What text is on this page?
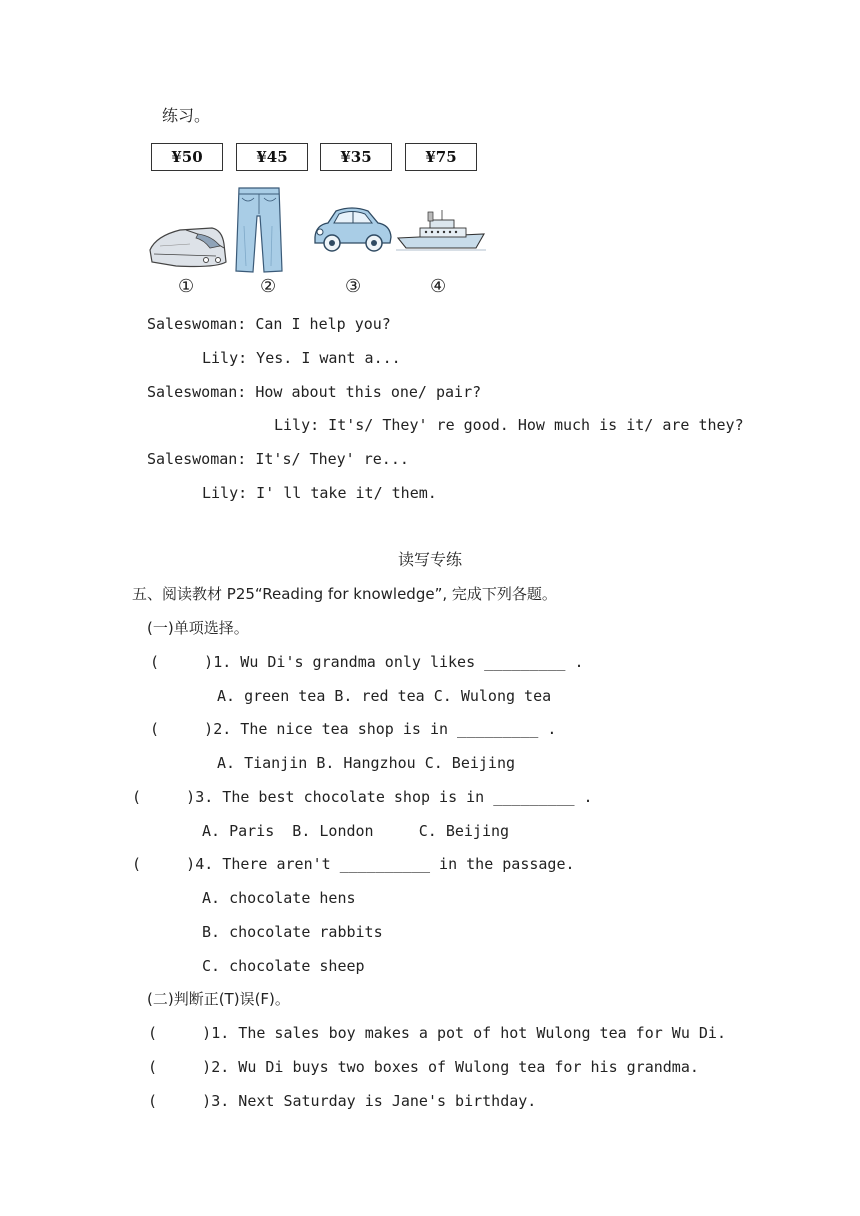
练习。
¥50	¥45	¥35	¥75
①	②	③	④
Saleswoman: Can I help you?
Lily: Yes. I want a...
Saleswoman: How about this one/ pair?
Lily: It's/ They' re good. How much is it/ are they?
Saleswoman: It's/ They' re...
Lily: I' ll take it/ them.
读写专练
五、阅读教材 P25“Reading for knowledge”, 完成下列各题。
(一)单项选择。
(     )1. Wu Di's grandma only likes _________ .
A. green tea B. red tea C. Wulong tea
(     )2. The nice tea shop is in _________ .
A. Tianjin B. Hangzhou C. Beijing
(     )3. The best chocolate shop is in _________ .
A. Paris  B. London     C. Beijing
(     )4. There aren't __________ in the passage.
A. chocolate hens
B. chocolate rabbits
C. chocolate sheep
(二)判断正(T)误(F)。
(     )1. The sales boy makes a pot of hot Wulong tea for Wu Di.
(     )2. Wu Di buys two boxes of Wulong tea for his grandma.
(     )3. Next Saturday is Jane's birthday.
